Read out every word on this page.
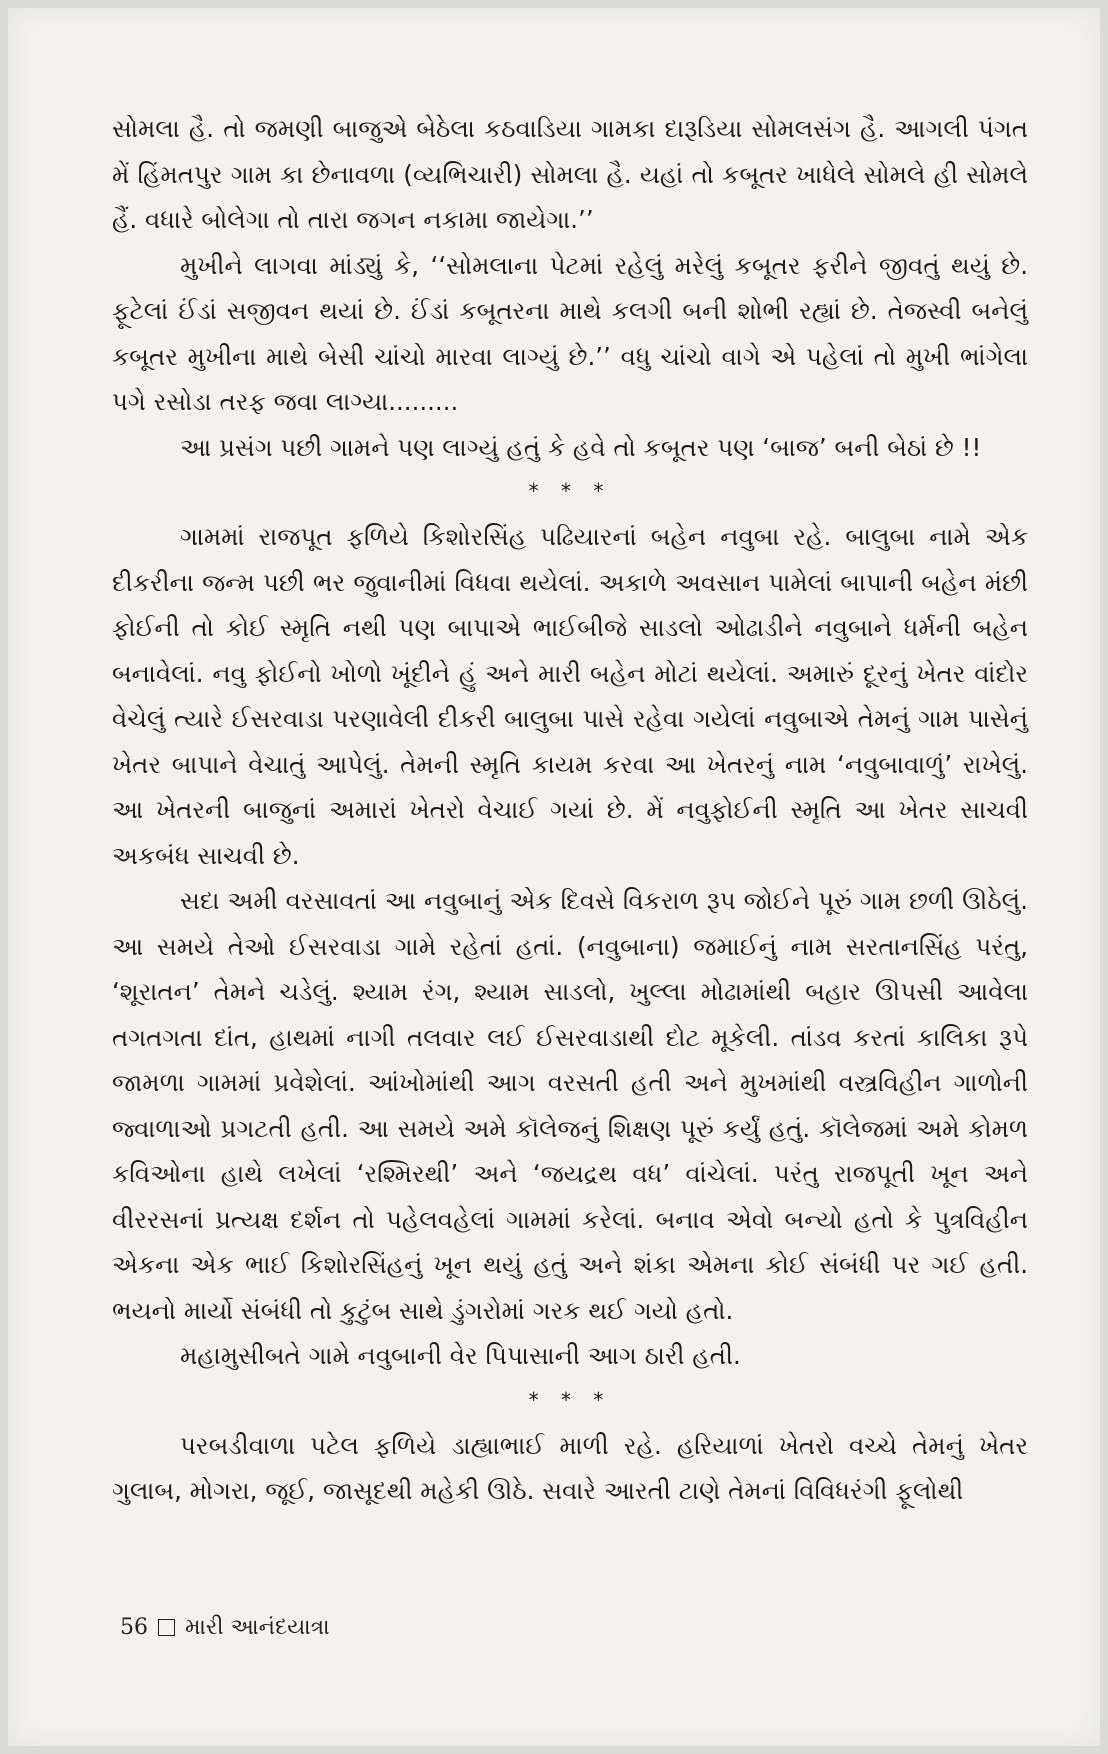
સોમલા હૈ. તો જમણી બાજુએ બેઠેલા કઠવાડિયા ગામકા દારૂડિયા સોમલસંગ હૈ. આગલી પંગત મેં હિંમતપુર ગામ કા છેનાવળા (વ્યભિચારી) સોમલા હૈ. યહાં તો કબૂતર ખાધેલે સોમલે હી સોમલે હૈં. વધારે બોલેગા તો તારા જગન નકામા જાયેગા.’’

મુખીને લાગવા માંડ્યું કે, ‘‘સોમલાના પેટમાં રહેલું મરેલું કબૂતર ફરીને જીવતું થયું છે. ફૂટેલાં ઈંડાં સજીવન થયાં છે. ઈંડાં કબૂતરના માથે કલગી બની શોભી રહ્યાં છે. તેજસ્વી બનેલું કબૂતર મુખીના માથે બેસી ચાંચો મારવા લાગ્યું છે.’’ વધુ ચાંચો વાગે એ પહેલાં તો મુખી ભાંગેલા પગે રસોડા તરફ જવા લાગ્યા.........

આ પ્રસંગ પછી ગામને પણ લાગ્યું હતું કે હવે તો કબૂતર પણ ‘બાજ’ બની બેઠાં છે !!

* * *

ગામમાં રાજપૂત ફળિયે કિશોરસિંહ પઢિયારનાં બહેન નવુબા રહે. બાલુબા નામે એક દીકરીના જન્મ પછી ભર જુવાનીમાં વિધવા થયેલાં. અકાળે અવસાન પામેલાં બાપાની બહેન મંછી ફોઈની તો કોઈ સ્મૃતિ નથી પણ બાપાએ ભાઈબીજે સાડલો ઓઢાડીને નવુબાને ધર્મની બહેન બનાવેલાં. નવુ ફોઈનો ખોળો ખૂંદીને હું અને મારી બહેન મોટાં થયેલાં. અમારું દૂરનું ખેતર વાંદોર વેચેલું ત્યારે ઈસરવાડા પરણાવેલી દીકરી બાલુબા પાસે રહેવા ગયેલાં નવુબાએ તેમનું ગામ પાસેનું ખેતર બાપાને વેચાતું આપેલું. તેમની સ્મૃતિ કાયમ કરવા આ ખેતરનું નામ ‘નવુબાવાળું’ રાખેલું. આ ખેતરની બાજુનાં અમારાં ખેતરો વેચાઈ ગયાં છે. મેં નવુફોઈની સ્મૃતિ આ ખેતર સાચવી અકબંધ સાચવી છે.

સદા અમી વરસાવતાં આ નવુબાનું એક દિવસે વિકરાળ રૂપ જોઈને પૂરું ગામ છળી ઊઠેલું. આ સમયે તેઓ ઈસરવાડા ગામે રહેતાં હતાં. (નવુબાના) જમાઈનું નામ સરતાનસિંહ પરંતુ, ‘શૂરાતન’ તેમને ચડેલું. શ્યામ રંગ, શ્યામ સાડલો, ખુલ્લા મોઢામાંથી બહાર ઊપસી આવેલા તગતગતા દાંત, હાથમાં નાગી તલવાર લઈ ઈસરવાડાથી દોટ મૂકેલી. તાંડવ કરતાં કાલિકા રૂપે જામળા ગામમાં પ્રવેશેલાં. આંખોમાંથી આગ વરસતી હતી અને મુખમાંથી વસ્ત્રવિહીન ગાળોની જ્વાળાઓ પ્રગટતી હતી. આ સમયે અમે કૉલેજનું શિક્ષણ પૂરું કર્યું હતું. કૉલેજમાં અમે કોમળ કવિઓના હાથે લખેલાં ‘રશ્મિરથી’ અને ‘જયદ્રથ વધ’ વાંચેલાં. પરંતુ રાજપૂતી ખૂન અને વીરરસનાં પ્રત્યક્ષ દર્શન તો પહેલવહેલાં ગામમાં કરેલાં. બનાવ એવો બન્યો હતો કે પુત્રવિહીન એકના એક ભાઈ કિશોરસિંહનું ખૂન થયું હતું અને શંકા એમના કોઈ સંબંધી પર ગઈ હતી. ભયનો માર્યો સંબંધી તો કુટુંબ સાથે ડુંગરોમાં ગરક થઈ ગયો હતો.

મહામુસીબતે ગામે નવુબાની વેર પિપાસાની આગ ઠારી હતી.

* * *

પરબડીવાળા પટેલ ફળિયે ડાહ્યાભાઈ માળી રહે. હરિયાળાં ખેતરો વચ્ચે તેમનું ખેતર ગુલાબ, મોગરા, જૂઈ, જાસૂદથી મહેકી ઊઠે. સવારે આરતી ટાણે તેમનાં વિવિધરંગી ફૂલોથી

56 મારી આનંદયાત્રા
